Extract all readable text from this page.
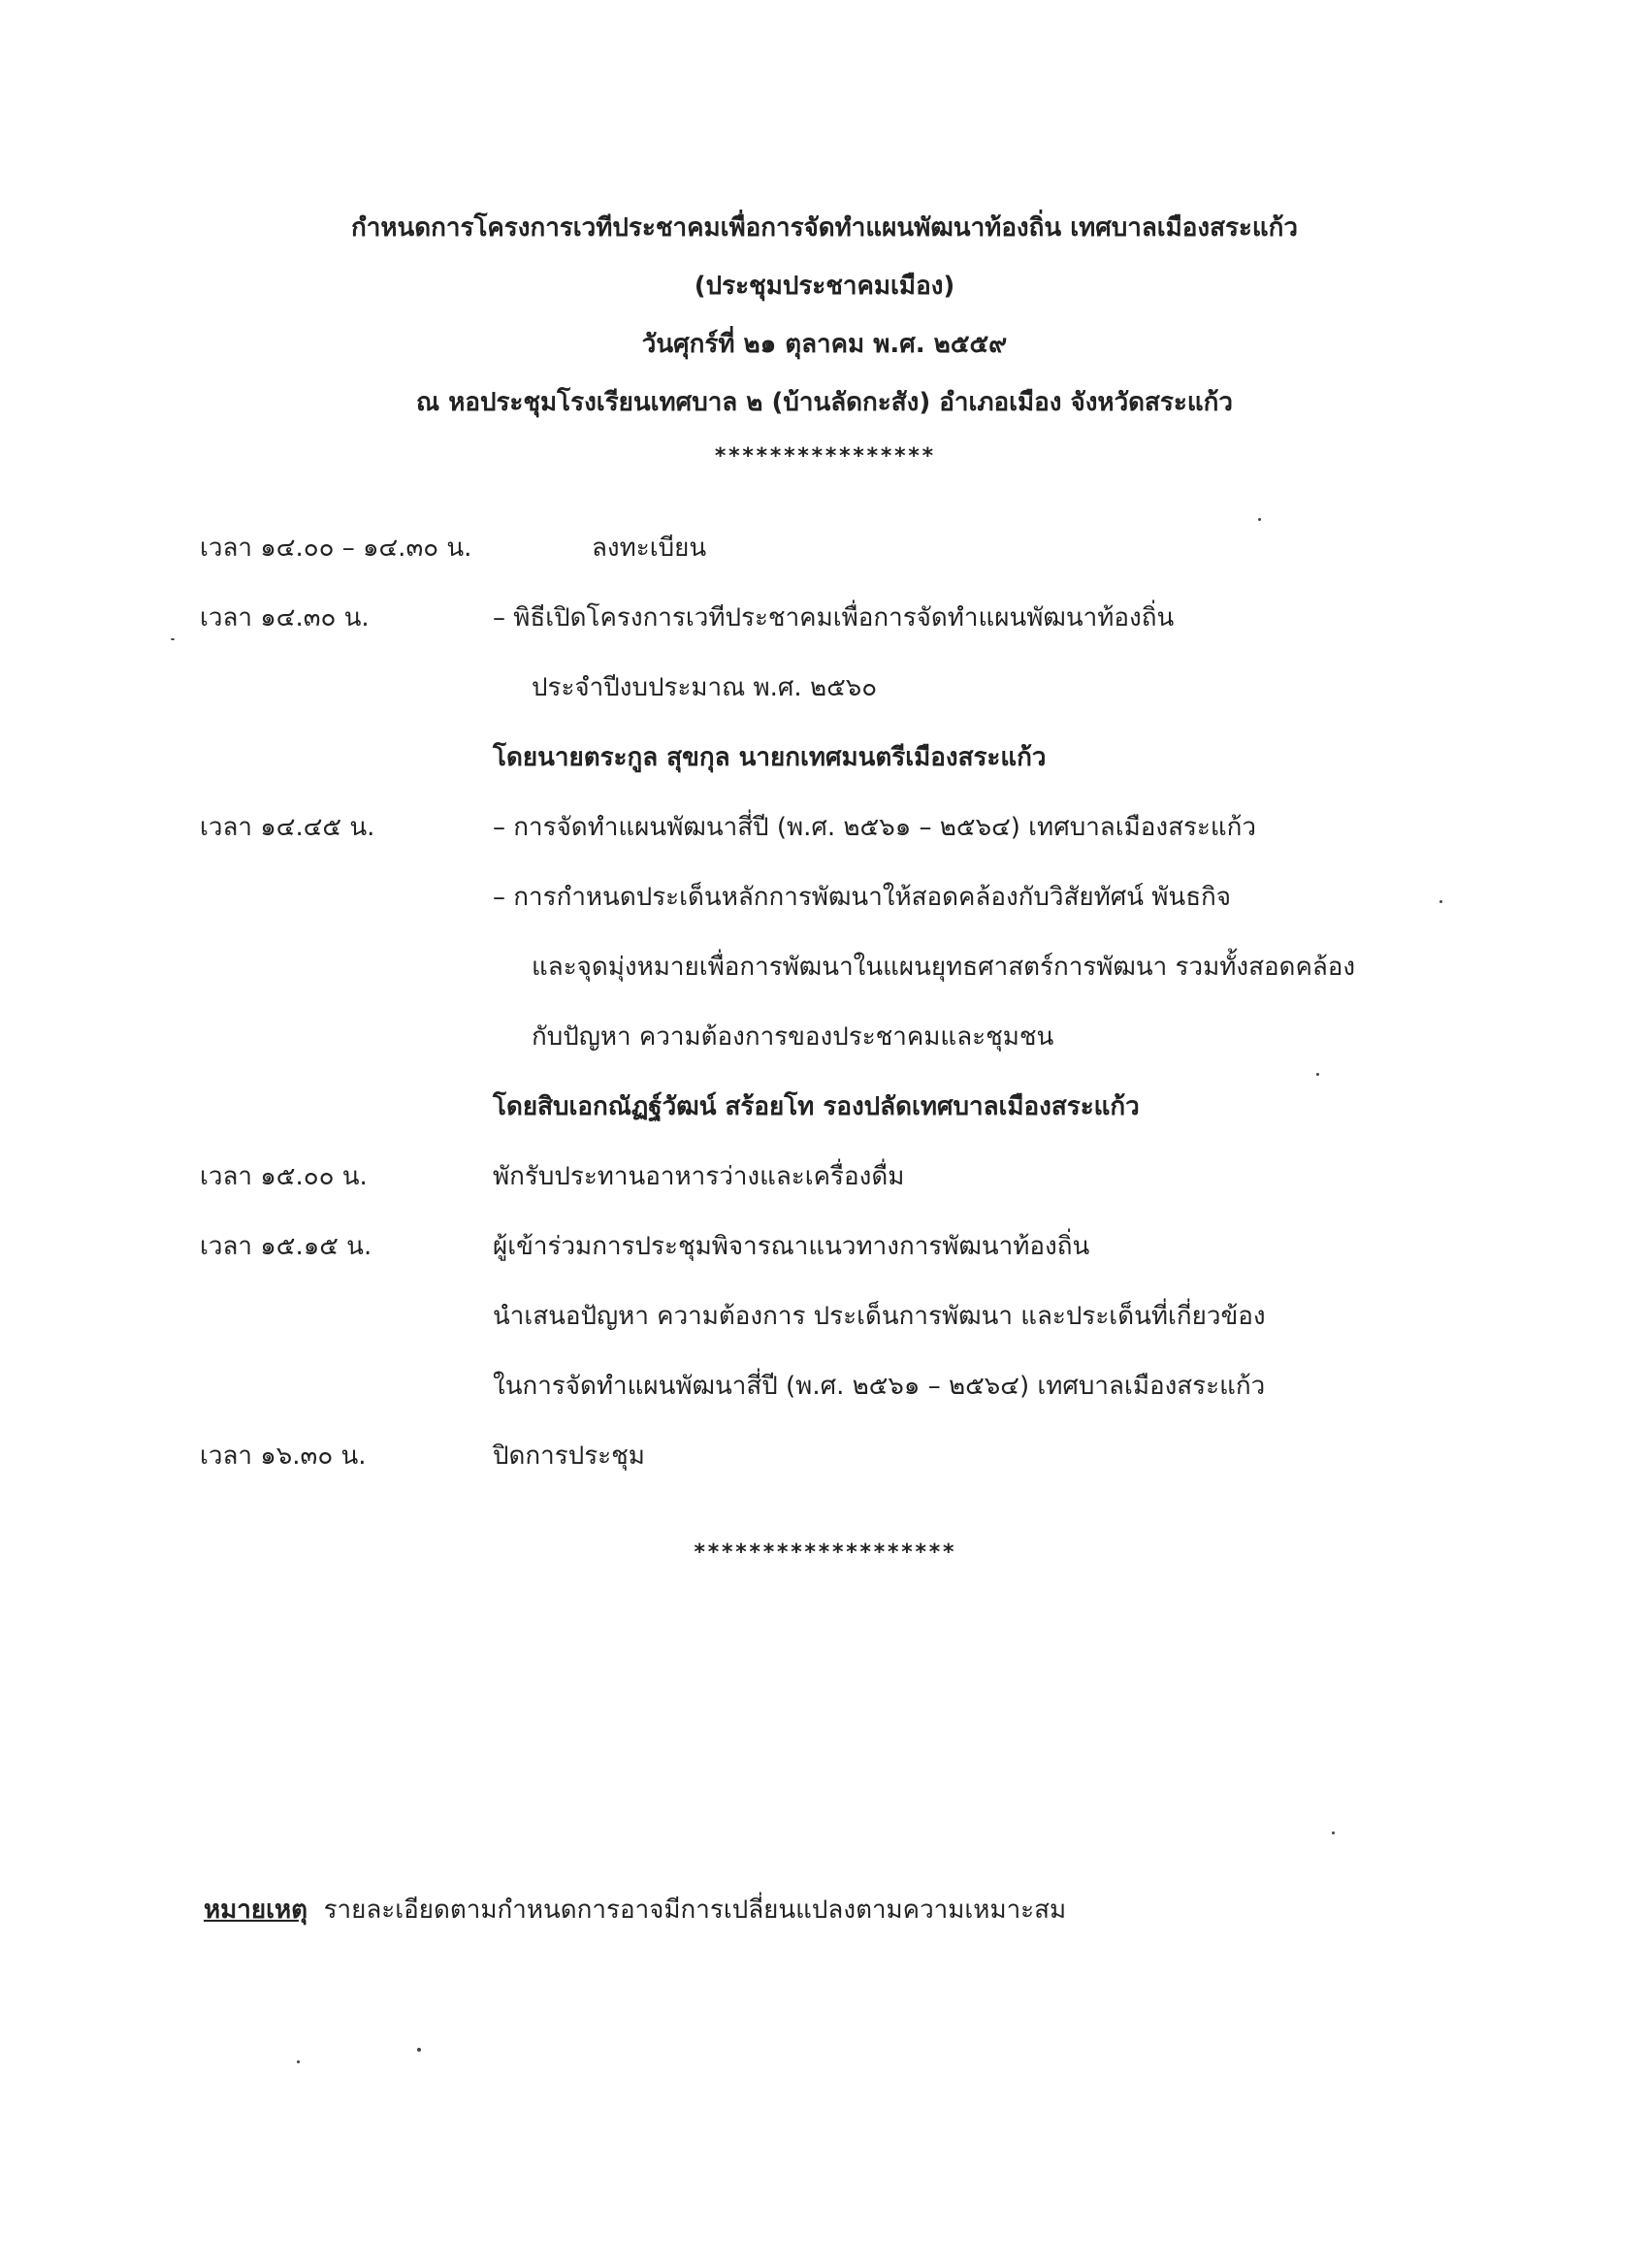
กำหนดการโครงการเวทีประชาคมเพื่อการจัดทำแผนพัฒนาท้องถิ่น เทศบาลเมืองสระแก้ว
(ประชุมประชาคมเมือง)
วันศุกร์ที่ ๒๑ ตุลาคม พ.ศ. ๒๕๕๙
ณ หอประชุมโรงเรียนเทศบาล ๒ (บ้านลัดกะสัง) อำเภอเมือง จังหวัดสระแก้ว
****************
เวลา ๑๔.๐๐ – ๑๔.๓๐ น.	ลงทะเบียน
เวลา ๑๔.๓๐ น.	– พิธีเปิดโครงการเวทีประชาคมเพื่อการจัดทำแผนพัฒนาท้องถิ่น
ประจำปีงบประมาณ พ.ศ. ๒๕๖๐
โดยนายตระกูล สุขกุล นายกเทศมนตรีเมืองสระแก้ว
เวลา ๑๔.๔๕ น.	– การจัดทำแผนพัฒนาสี่ปี (พ.ศ. ๒๕๖๑ – ๒๕๖๔) เทศบาลเมืองสระแก้ว
– การกำหนดประเด็นหลักการพัฒนาให้สอดคล้องกับวิสัยทัศน์ พันธกิจ
และจุดมุ่งหมายเพื่อการพัฒนาในแผนยุทธศาสตร์การพัฒนา รวมทั้งสอดคล้อง
กับปัญหา ความต้องการของประชาคมและชุมชน
โดยสิบเอกณัฏฐ์วัฒน์ สร้อยโท รองปลัดเทศบาลเมืองสระแก้ว
เวลา ๑๕.๐๐ น.	พักรับประทานอาหารว่างและเครื่องดื่ม
เวลา ๑๕.๑๕ น.	ผู้เข้าร่วมการประชุมพิจารณาแนวทางการพัฒนาท้องถิ่น
นำเสนอปัญหา ความต้องการ ประเด็นการพัฒนา และประเด็นที่เกี่ยวข้อง
ในการจัดทำแผนพัฒนาสี่ปี (พ.ศ. ๒๕๖๑ – ๒๕๖๔) เทศบาลเมืองสระแก้ว
เวลา ๑๖.๓๐ น.	ปิดการประชุม
*******************
หมายเหตุ รายละเอียดตามกำหนดการอาจมีการเปลี่ยนแปลงตามความเหมาะสม
